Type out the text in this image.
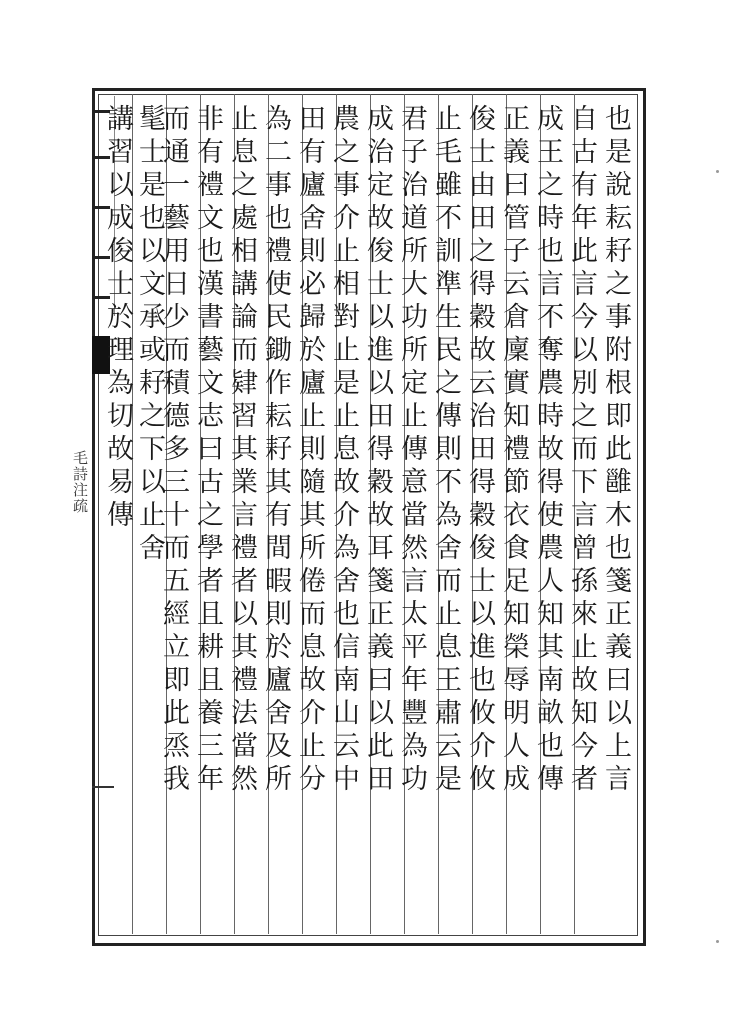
毛詩注疏	也是說耘耔之事附根即此雝木也箋正義曰以上言
自古有年此言今以別之而下言曾孫來止故知今者
成王之時也言不奪農時故得使農人知其南畝也傳
正義曰管子云倉廩實知禮節衣食足知榮辱明人成
俊士由田之得穀故云治田得穀俊士以進也攸介攸
止毛雖不訓準生民之傳則不為舍而止息王肅云是
君子治道所大功所定止傳意當然言太平年豐為功
成治定故俊士以進以田得穀故耳箋正義曰以此田
農之事介止相對止是止息故介為舍也信南山云中
田有廬舍則必歸於廬止則隨其所倦而息故介止分
為二事也禮使民鋤作耘耔其有間暇則於廬舍及所
止息之處相講論而肄習其業言禮者以其禮法當然
非有禮文也漢書藝文志曰古之學者且耕且養三年
而通一藝用日少而積德多三十而五經立即此烝我
髦士是也以文承或耔之下以止舍
講習以成俊士於理為切故易傳
